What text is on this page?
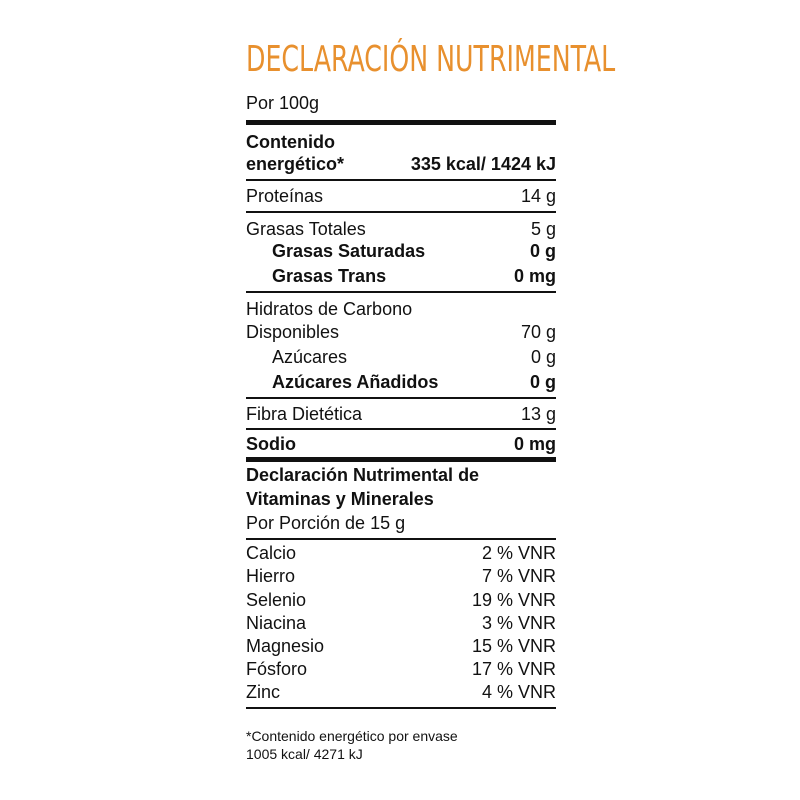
DECLARACIÓN NUTRIMENTAL
Por 100g
Contenido
energético*	335 kcal/ 1424 kJ
Proteínas	14 g
Grasas Totales	5 g
Grasas Saturadas	0 g
Grasas Trans	0 mg
Hidratos de Carbono
Disponibles	70 g
Azúcares	0 g
Azúcares Añadidos	0 g
Fibra Dietética	13 g
Sodio	0 mg
Declaración Nutrimental de
Vitaminas y Minerales
Por Porción de 15 g
Calcio	2 % VNR
Hierro	7 % VNR
Selenio	19 % VNR
Niacina	3 % VNR
Magnesio	15 % VNR
Fósforo	17 % VNR
Zinc	4 % VNR
*Contenido energético por envase
1005 kcal/ 4271 kJ
